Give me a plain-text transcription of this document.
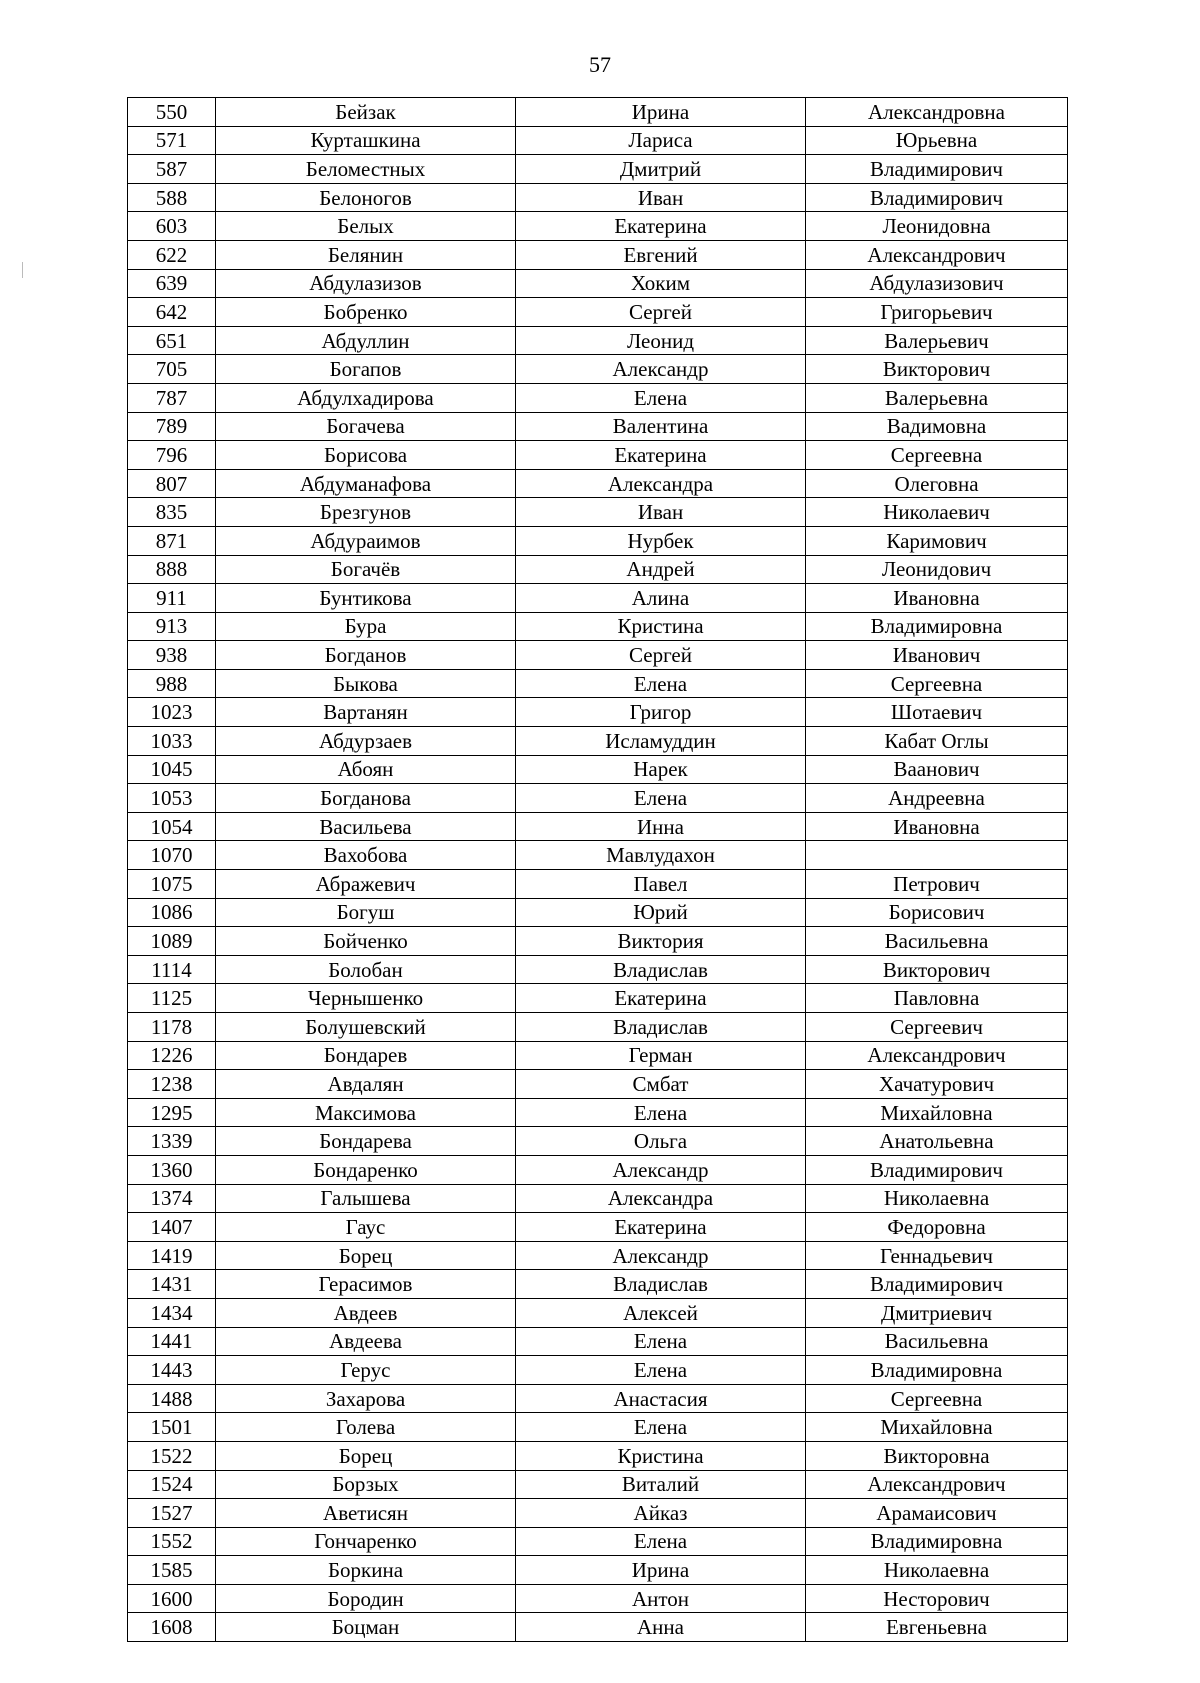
57
550	Бейзак	Ирина	Александровна
571	Курташкина	Лариса	Юрьевна
587	Беломестных	Дмитрий	Владимирович
588	Белоногов	Иван	Владимирович
603	Белых	Екатерина	Леонидовна
622	Белянин	Евгений	Александрович
639	Абдулазизов	Хоким	Абдулазизович
642	Бобренко	Сергей	Григорьевич
651	Абдуллин	Леонид	Валерьевич
705	Богапов	Александр	Викторович
787	Абдулхадирова	Елена	Валерьевна
789	Богачева	Валентина	Вадимовна
796	Борисова	Екатерина	Сергеевна
807	Абдуманафова	Александра	Олеговна
835	Брезгунов	Иван	Николаевич
871	Абдураимов	Нурбек	Каримович
888	Богачёв	Андрей	Леонидович
911	Бунтикова	Алина	Ивановна
913	Бура	Кристина	Владимировна
938	Богданов	Сергей	Иванович
988	Быкова	Елена	Сергеевна
1023	Вартанян	Григор	Шотаевич
1033	Абдурзаев	Исламуддин	Кабат Оглы
1045	Абоян	Нарек	Ваанович
1053	Богданова	Елена	Андреевна
1054	Васильева	Инна	Ивановна
1070	Вахобова	Мавлудахон	
1075	Абражевич	Павел	Петрович
1086	Богуш	Юрий	Борисович
1089	Бойченко	Виктория	Васильевна
1114	Болобан	Владислав	Викторович
1125	Чернышенко	Екатерина	Павловна
1178	Болушевский	Владислав	Сергеевич
1226	Бондарев	Герман	Александрович
1238	Авдалян	Смбат	Хачатурович
1295	Максимова	Елена	Михайловна
1339	Бондарева	Ольга	Анатольевна
1360	Бондаренко	Александр	Владимирович
1374	Галышева	Александра	Николаевна
1407	Гаус	Екатерина	Федоровна
1419	Борец	Александр	Геннадьевич
1431	Герасимов	Владислав	Владимирович
1434	Авдеев	Алексей	Дмитриевич
1441	Авдеева	Елена	Васильевна
1443	Герус	Елена	Владимировна
1488	Захарова	Анастасия	Сергеевна
1501	Голева	Елена	Михайловна
1522	Борец	Кристина	Викторовна
1524	Борзых	Виталий	Александрович
1527	Аветисян	Айказ	Арамаисович
1552	Гончаренко	Елена	Владимировна
1585	Боркина	Ирина	Николаевна
1600	Бородин	Антон	Несторович
1608	Боцман	Анна	Евгеньевна
